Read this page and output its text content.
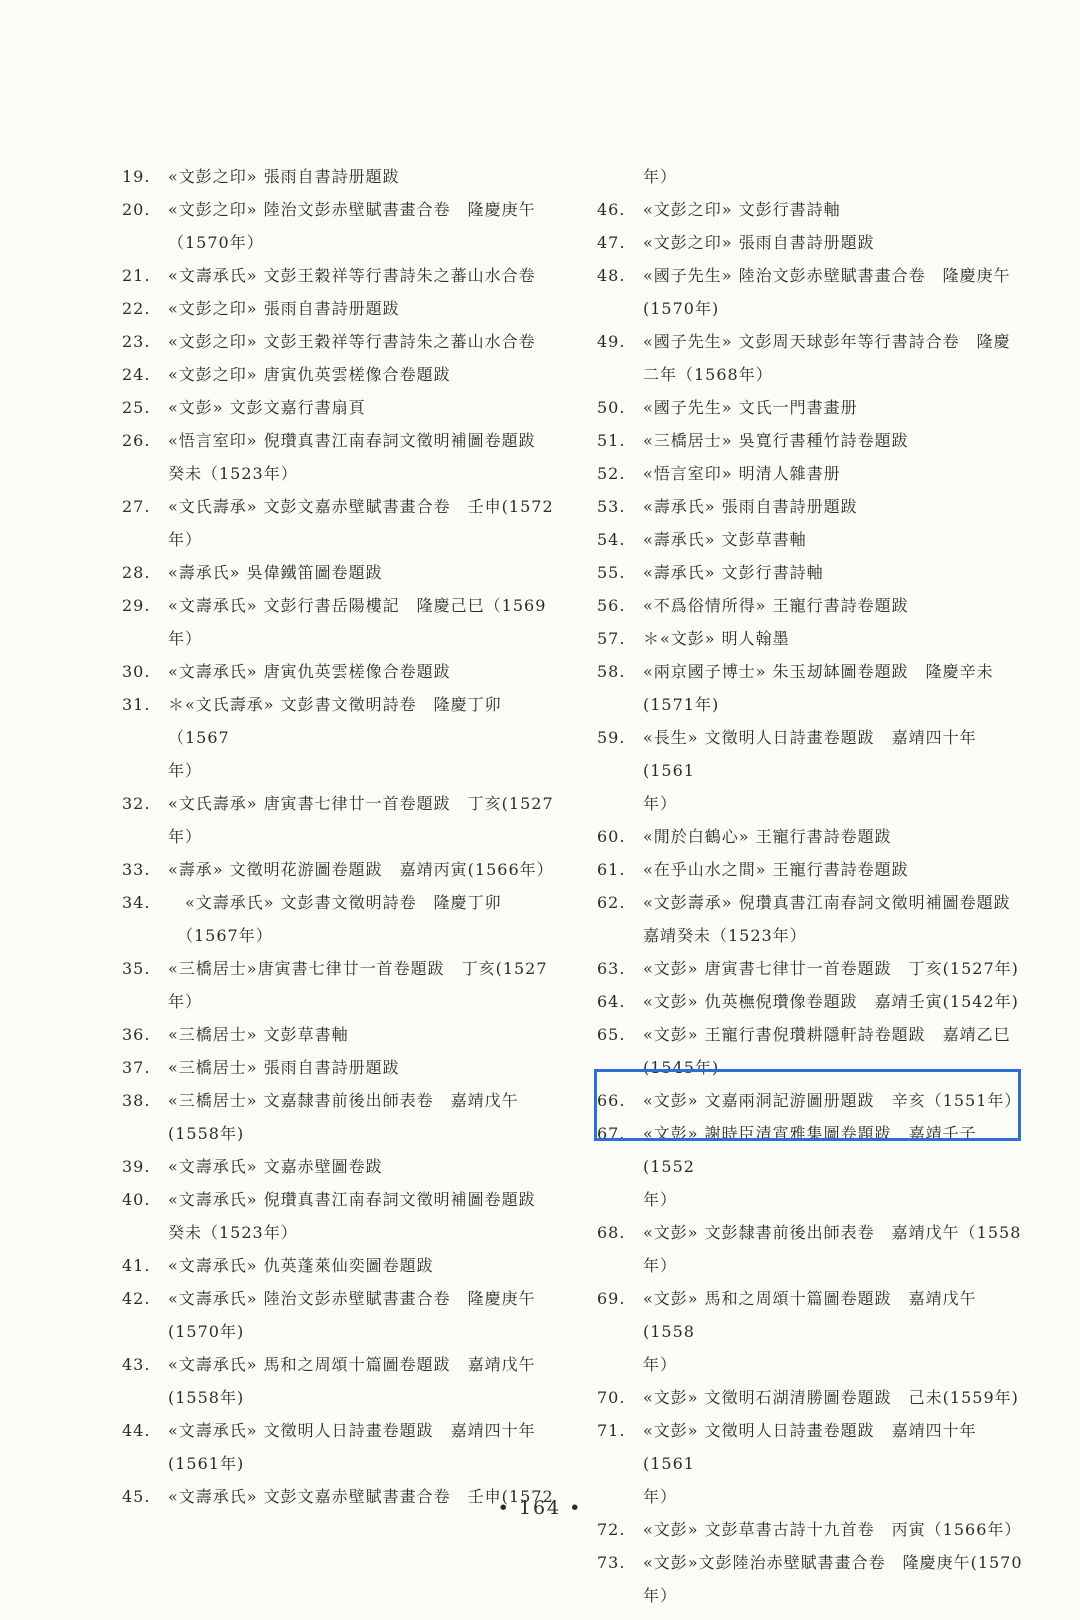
19.	«文彭之印» 張雨自書詩册題跋
20.	«文彭之印» 陸治文彭赤壁賦書畫合卷　隆慶庚午
（1570年）
21.	«文壽承氏» 文彭王穀祥等行書詩朱之蕃山水合卷
22.	«文彭之印» 張雨自書詩册題跋
23.	«文彭之印» 文彭王穀祥等行書詩朱之蕃山水合卷
24.	«文彭之印» 唐寅仇英雲槎像合卷題跋
25.	«文彭» 文彭文嘉行書扇頁
26.	«悟言室印» 倪瓚真書江南春詞文徵明補圖卷題跋
癸未（1523年）
27.	«文氏壽承» 文彭文嘉赤壁賦書畫合卷　壬申(1572
年）
28.	«壽承氏» 吳偉鐵笛圖卷題跋
29.	«文壽承氏» 文彭行書岳陽樓記　隆慶己巳（1569
年）
30.	«文壽承氏» 唐寅仇英雲槎像合卷題跋
31.	＊«文氏壽承» 文彭書文徵明詩卷　隆慶丁卯（1567
年）
32.	«文氏壽承» 唐寅書七律廿一首卷題跋　丁亥(1527
年）
33.	«壽承» 文徵明花游圖卷題跋　嘉靖丙寅(1566年）
34.	　«文壽承氏» 文彭書文徵明詩卷　隆慶丁卯
　（1567年）
35.	«三橋居士»唐寅書七律廿一首卷題跋　丁亥(1527
年）
36.	«三橋居士» 文彭草書軸
37.	«三橋居士» 張雨自書詩册題跋
38.	«三橋居士» 文嘉隸書前後出師表卷　嘉靖戊午
(1558年)
39.	«文壽承氏» 文嘉赤壁圖卷跋
40.	«文壽承氏» 倪瓚真書江南春詞文徵明補圖卷題跋
癸未（1523年）
41.	«文壽承氏» 仇英蓬萊仙奕圖卷題跋
42.	«文壽承氏» 陸治文彭赤壁賦書畫合卷　隆慶庚午
(1570年)
43.	«文壽承氏» 馬和之周頌十篇圖卷題跋　嘉靖戊午
(1558年)
44.	«文壽承氏» 文徵明人日詩畫卷題跋　嘉靖四十年
(1561年)
45.	«文壽承氏» 文彭文嘉赤壁賦書畫合卷　壬申(1572
年）
46.	«文彭之印» 文彭行書詩軸
47.	«文彭之印» 張雨自書詩册題跋
48.	«國子先生» 陸治文彭赤壁賦書畫合卷　隆慶庚午
(1570年)
49.	«國子先生» 文彭周天球彭年等行書詩合卷　隆慶
二年（1568年）
50.	«國子先生» 文氏一門書畫册
51.	«三橋居士» 吳寬行書種竹詩卷題跋
52.	«悟言室印» 明清人雜書册
53.	«壽承氏» 張雨自書詩册題跋
54.	«壽承氏» 文彭草書軸
55.	«壽承氏» 文彭行書詩軸
56.	«不爲俗情所得» 王寵行書詩卷題跋
57.	＊«文彭» 明人翰墨
58.	«兩京國子博士» 朱玉刼缽圖卷題跋　隆慶辛未
(1571年)
59.	«長生» 文徵明人日詩畫卷題跋　嘉靖四十年(1561
年）
60.	«閒於白鶴心» 王寵行書詩卷題跋
61.	«在乎山水之間» 王寵行書詩卷題跋
62.	«文彭壽承» 倪瓚真書江南春詞文徵明補圖卷題跋
嘉靖癸未（1523年）
63.	«文彭» 唐寅書七律廿一首卷題跋　丁亥(1527年)
64.	«文彭» 仇英橅倪瓚像卷題跋　嘉靖壬寅(1542年)
65.	«文彭» 王寵行書倪瓚耕隱軒詩卷題跋　嘉靖乙巳
(1545年)
66.	«文彭» 文嘉兩洞記游圖册題跋　辛亥（1551年）
67.	«文彭» 謝時臣清宵雅集圖卷題跋　嘉靖壬子(1552
年）
68.	«文彭» 文彭隸書前後出師表卷　嘉靖戊午（1558
年）
69.	«文彭» 馬和之周頌十篇圖卷題跋　嘉靖戊午(1558
年）
70.	«文彭» 文徵明石湖清勝圖卷題跋　己未(1559年)
71.	«文彭» 文徵明人日詩畫卷題跋　嘉靖四十年(1561
年）
72.	«文彭» 文彭草書古詩十九首卷　丙寅（1566年）
73.	«文彭»文彭陸治赤壁賦書畫合卷　隆慶庚午(1570
年）
• 164 •
